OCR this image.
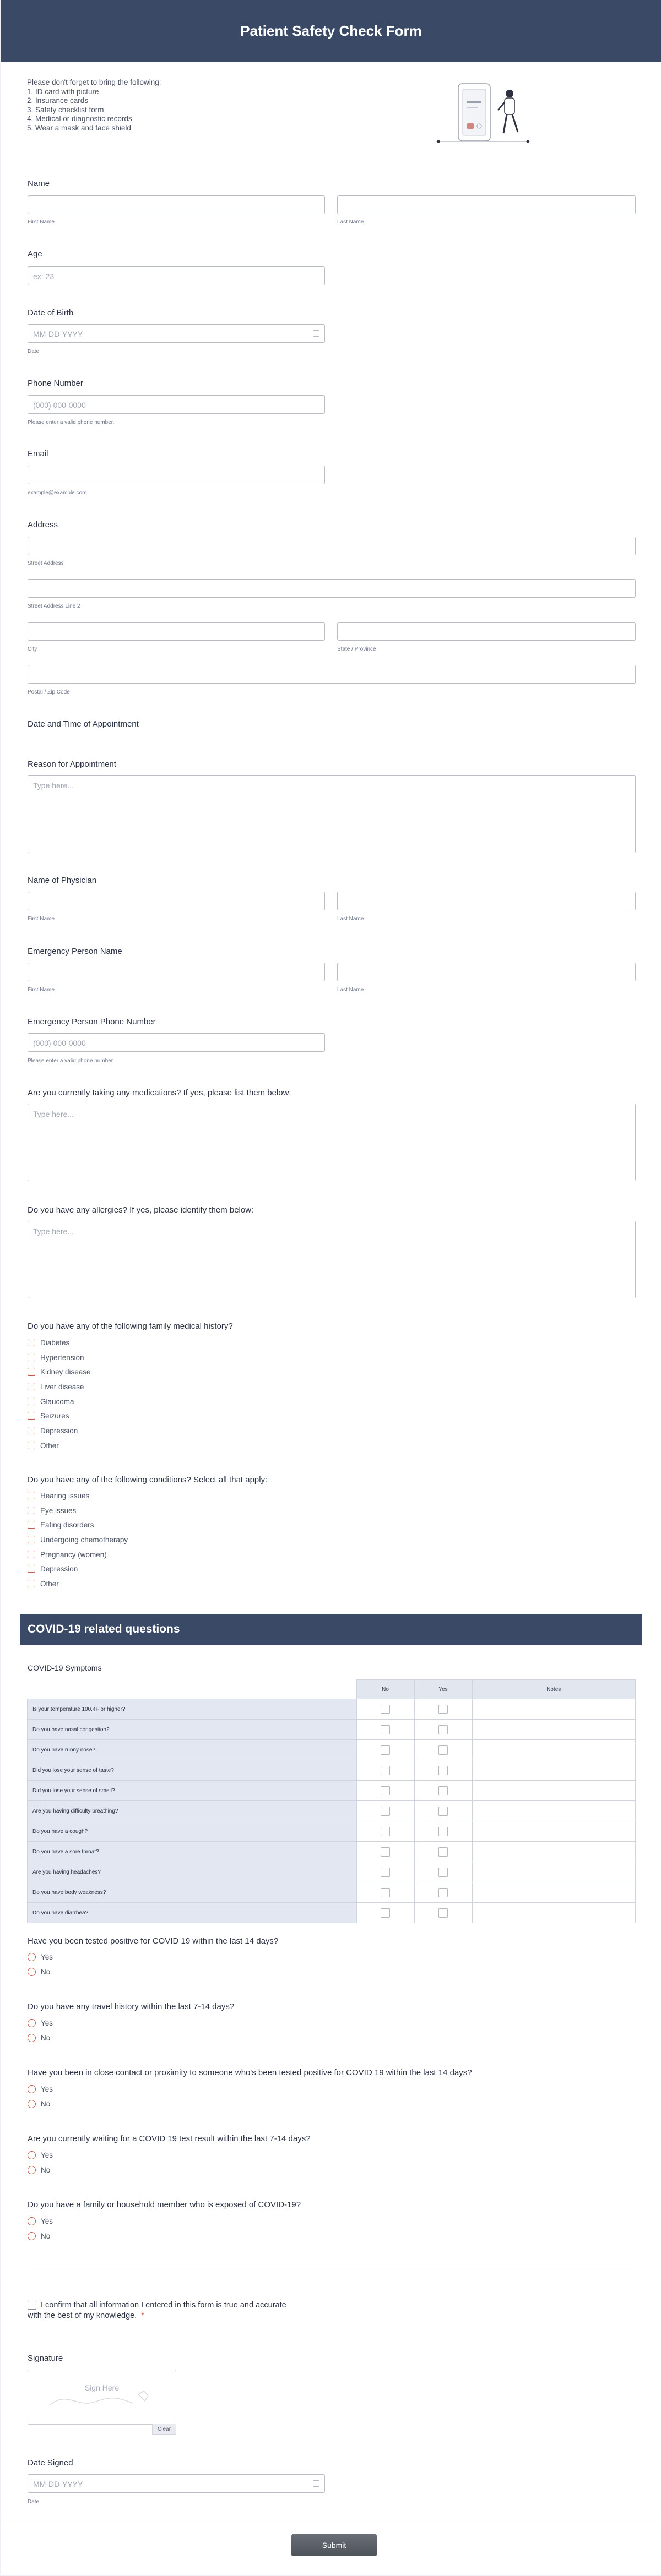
Patient Safety Check Form
Please don't forget to bring the following:
1. ID card with picture
2. Insurance cards
3. Safety checklist form
4. Medical or diagnostic records
5. Wear a mask and face shield
Name
First Name	Last Name
Age
ex: 23
Date of Birth
MM-DD-YYYY
Date
Phone Number
(000) 000-0000
Please enter a valid phone number.
Email
example@example.com
Address
Street Address
Street Address Line 2
City	State / Province
Postal / Zip Code
Date and Time of Appointment
Reason for Appointment
Type here...
Name of Physician
First Name	Last Name
Emergency Person Name
First Name	Last Name
Emergency Person Phone Number
(000) 000-0000
Please enter a valid phone number.
Are you currently taking any medications? If yes, please list them below:
Type here...
Do you have any allergies? If yes, please identify them below:
Type here...
Do you have any of the following family medical history?
Diabetes
Hypertension
Kidney disease
Liver disease
Glaucoma
Seizures
Depression
Other
Do you have any of the following conditions? Select all that apply:
Hearing issues
Eye issues
Eating disorders
Undergoing chemotherapy
Pregnancy (women)
Depression
Other
COVID-19 related questions
COVID-19 Symptoms
	No	Yes	Notes
Is your temperature 100.4F or higher?			
Do you have nasal congestion?			
Do you have runny nose?			
Did you lose your sense of taste?			
Did you lose your sense of smell?			
Are you having difficulty breathing?			
Do you have a cough?			
Do you have a sore throat?			
Are you having headaches?			
Do you have body weakness?			
Do you have diarrhea?			
Have you been tested positive for COVID 19 within the last 14 days?
Yes
No
Do you have any travel history within the last 7-14 days?
Yes
No
Have you been in close contact or proximity to someone who's been tested positive for COVID 19 within the last 14 days?
Yes
No
Are you currently waiting for a COVID 19 test result within the last 7-14 days?
Yes
No
Do you have a family or household member who is exposed of COVID-19?
Yes
No
I confirm that all information I entered in this form is true and accurate
with the best of my knowledge. *
Signature
Sign Here
Clear
Date Signed
MM-DD-YYYY
Date
Submit
